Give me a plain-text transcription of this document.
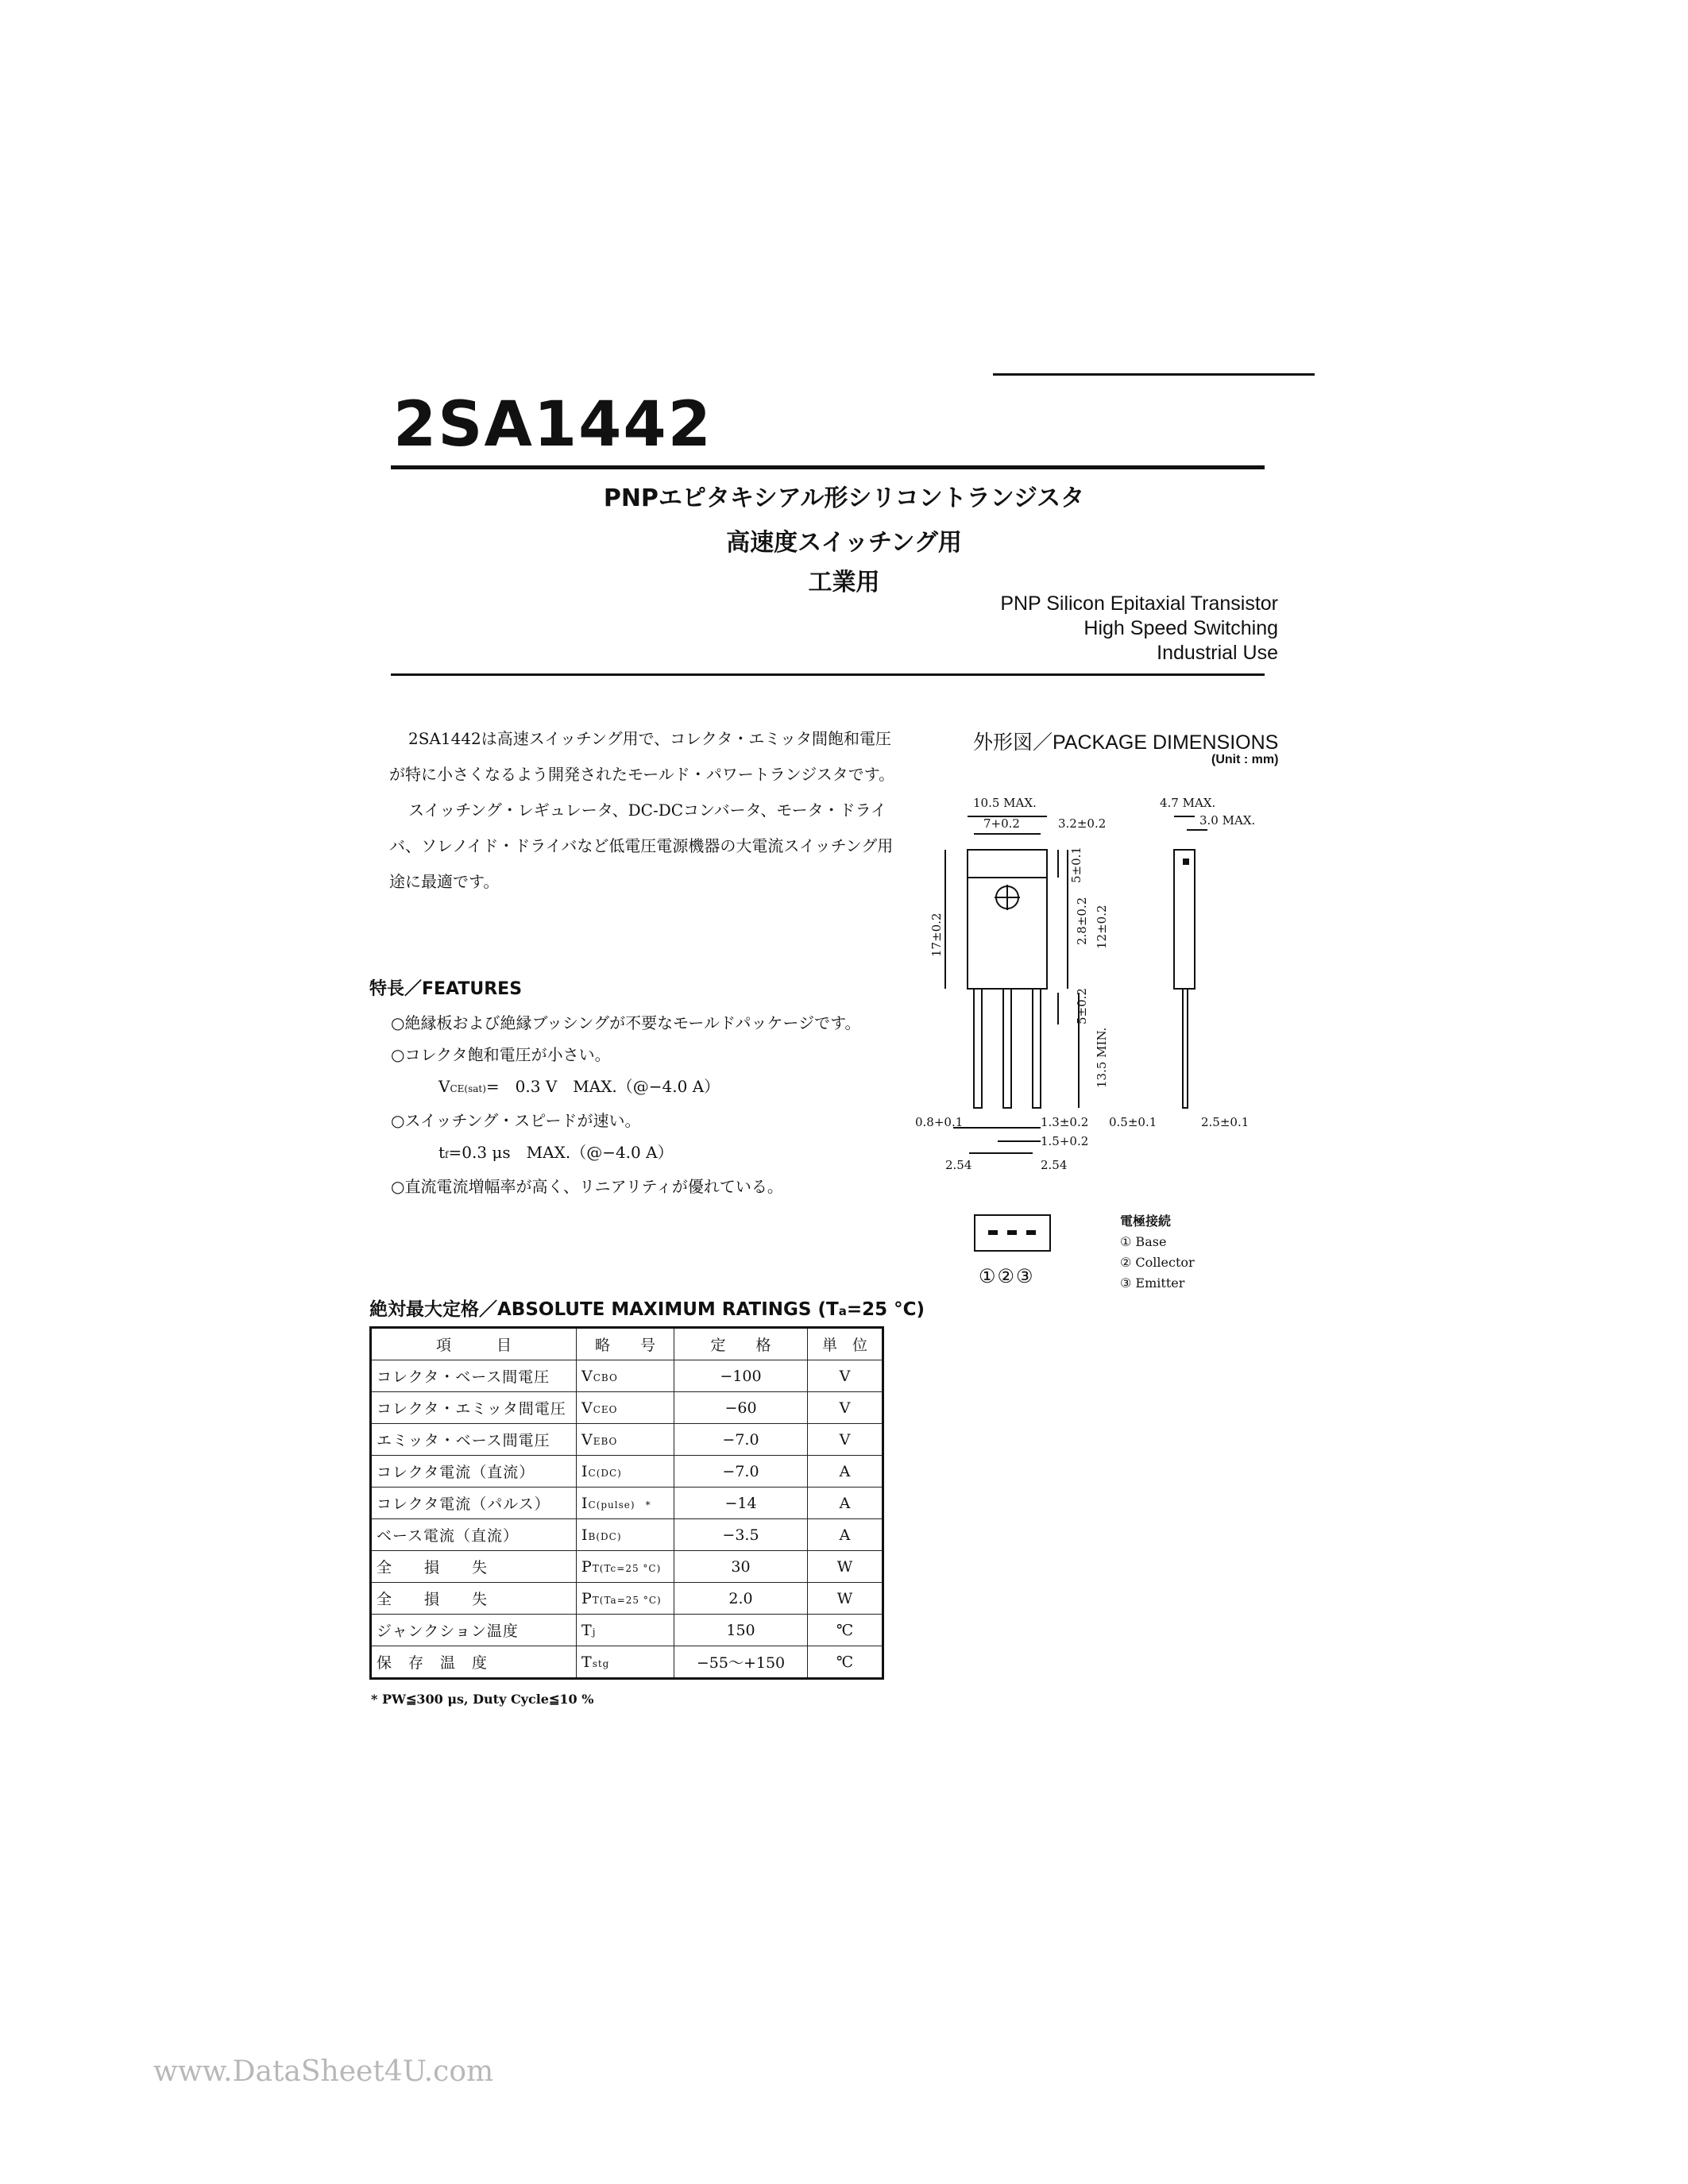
2SA1442
PNPエピタキシアル形シリコントランジスタ
高速度スイッチング用
工業用
PNP Silicon Epitaxial Transistor
High Speed Switching
Industrial Use

2SA1442は高速スイッチング用で、コレクタ・エミッタ間飽和電圧が特に小さくなるよう開発されたモールド・パワートランジスタです。

スイッチング・レギュレータ、DC-DCコンバータ、モータ・ドライバ、ソレノイド・ドライバなど低電圧電源機器の大電流スイッチング用途に最適です。

特長／FEATURES
○絶縁板および絶縁ブッシングが不要なモールドパッケージです。
○コレクタ飽和電圧が小さい。
VCE(sat)=　0.3 V　MAX.（@−4.0 A）
○スイッチング・スピードが速い。
tf=0.3 μs　MAX.（@−4.0 A）
○直流電流増幅率が高く、リニアリティが優れている。
絶対最大定格／ABSOLUTE MAXIMUM RATINGS (Ta=25 °C)
項　　　目	略　　号	定　　格	単　位
コレクタ・ベース間電圧	VCBO	−100	V
コレクタ・エミッタ間電圧	VCEO	−60	V
エミッタ・ベース間電圧	VEBO	−7.0	V
コレクタ電流（直流）	IC(DC)	−7.0	A
コレクタ電流（パルス）	IC(pulse)　*	−14	A
ベース電流（直流）	IB(DC)	−3.5	A
全　　損　　失	PT(Tc=25 °C)	30	W
全　　損　　失	PT(Ta=25 °C)	2.0	W
ジャンクション温度	Tj	150	℃
保　存　温　度	Tstg	−55〜+150	℃
* PW≦300 μs, Duty Cycle≦10 %
外形図／PACKAGE DIMENSIONS
(Unit : mm)
10.5 MAX.
7+0.2	3.2±0.2
4.7 MAX.
3.0 MAX.
17±0.2
5±0.1
2.8±0.2 12±0.2
5±0.2
13.5 MIN.
0.8+0.1	1.3±0.2 0.5±0.1	2.5±0.1
1.5+0.2
2.54	2.54
①②③
電極接続
① Base
② Collector
③ Emitter
www.DataSheet4U.com
